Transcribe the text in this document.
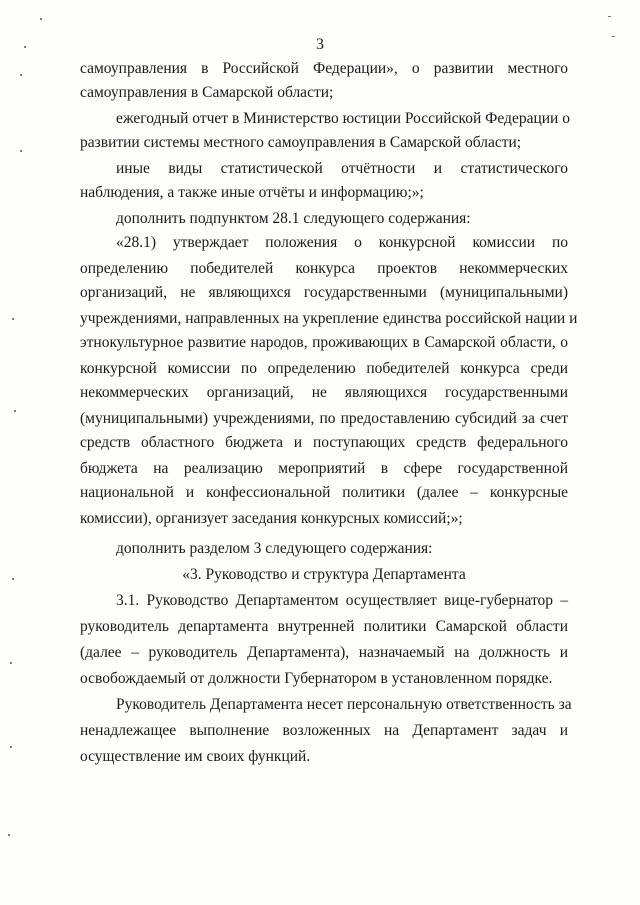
3
самоуправления в Российской Федерации», о развитии местного
самоуправления в Самарской области;
ежегодный отчет в Министерство юстиции Российской Федерации о
развитии системы местного самоуправления в Самарской области;
иные виды статистической отчётности и статистического
наблюдения, а также иные отчёты и информацию;»;
дополнить подпунктом 28.1 следующего содержания:
«28.1) утверждает положения о конкурсной комиссии по
определению победителей конкурса проектов некоммерческих
организаций, не являющихся государственными (муниципальными)
учреждениями, направленных на укрепление единства российской нации и
этнокультурное развитие народов, проживающих в Самарской области, о
конкурсной комиссии по определению победителей конкурса среди
некоммерческих организаций, не являющихся государственными
(муниципальными) учреждениями, по предоставлению субсидий за счет
средств областного бюджета и поступающих средств федерального
бюджета на реализацию мероприятий в сфере государственной
национальной и конфессиональной политики (далее – конкурсные
комиссии), организует заседания конкурсных комиссий;»;
дополнить разделом 3 следующего содержания:
«3. Руководство и структура Департамента
3.1. Руководство Департаментом осуществляет вице-губернатор –
руководитель департамента внутренней политики Самарской области
(далее – руководитель Департамента), назначаемый на должность и
освобождаемый от должности Губернатором в установленном порядке.
Руководитель Департамента несет персональную ответственность за
ненадлежащее выполнение возложенных на Департамент задач и
осуществление им своих функций.
